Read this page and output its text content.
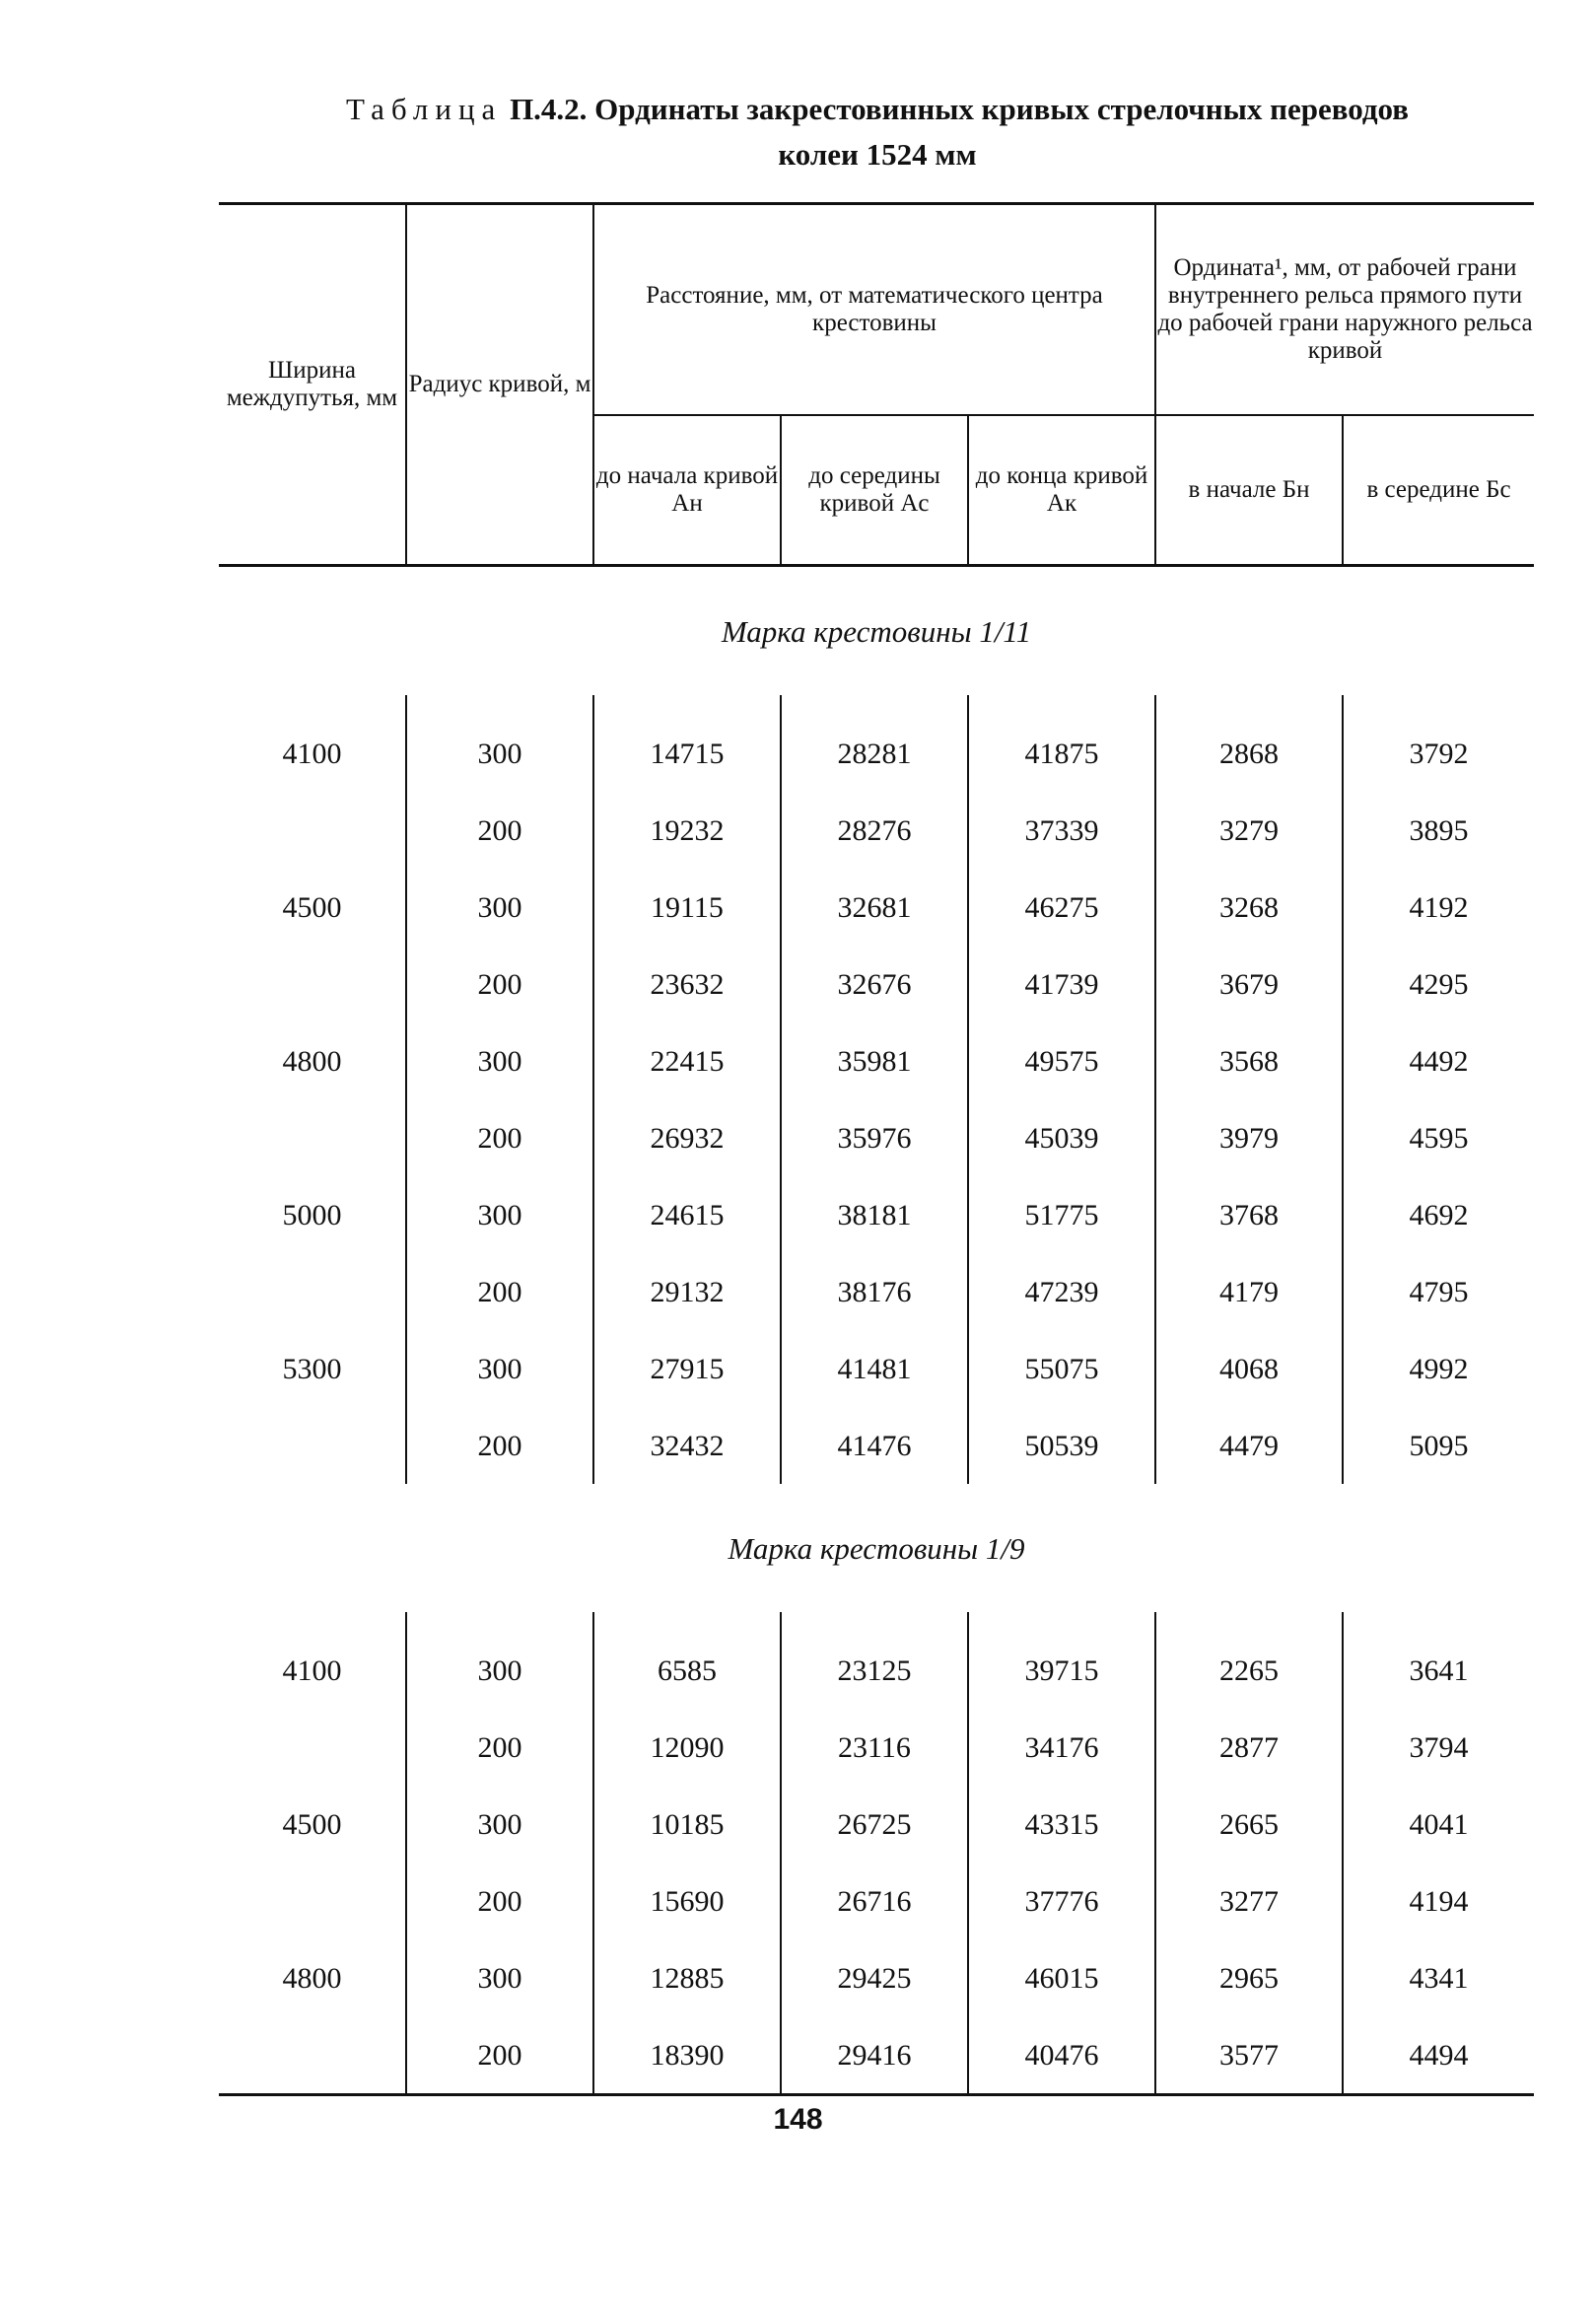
Таблица П.4.2. Ординаты закрестовинных кривых стрелочных переводов
колеи 1524 мм
Ширина междупутья, мм	Радиус кривой, м	Расстояние, мм, от математического центра крестовины			Ордината¹, мм, от рабочей грани внутреннего рельса прямого пути до рабочей грани наружного рельса кривой	
		до начала кривой Aн	до середины кривой Aс	до конца кривой Aк	в начале Бн	в середине Бс
Марка крестовины 1/11						

4100	300	14715	28281	41875	2868	3792
	200	19232	28276	37339	3279	3895
4500	300	19115	32681	46275	3268	4192
	200	23632	32676	41739	3679	4295
4800	300	22415	35981	49575	3568	4492
	200	26932	35976	45039	3979	4595
5000	300	24615	38181	51775	3768	4692
	200	29132	38176	47239	4179	4795
5300	300	27915	41481	55075	4068	4992
	200	32432	41476	50539	4479	5095
Марка крестовины 1/9						

4100	300	6585	23125	39715	2265	3641
	200	12090	23116	34176	2877	3794
4500	300	10185	26725	43315	2665	4041
	200	15690	26716	37776	3277	4194
4800	300	12885	29425	46015	2965	4341
	200	18390	29416	40476	3577	4494
148
